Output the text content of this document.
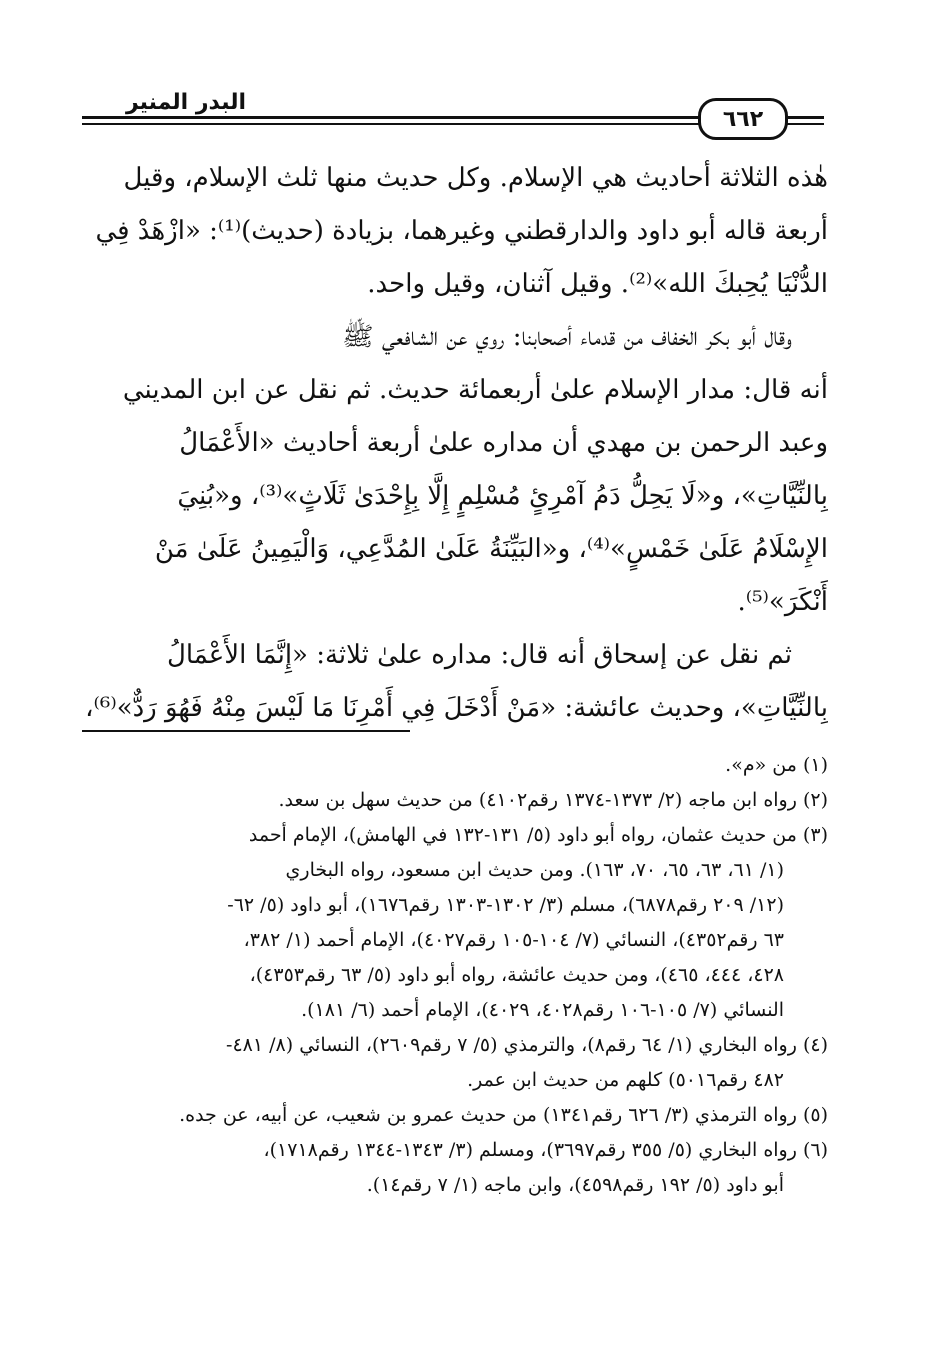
٦٦٢
البدر المنير
هٰذه الثلاثة أحاديث هي الإسلام. وكل حديث منها ثلث الإسلام، وقيل
أربعة قاله أبو داود والدارقطني وغيرهما، بزيادة (حديث)⁽¹⁾: «ازْهَدْ فِي
الدُّنْيَا يُحِبكَ الله»⁽²⁾. وقيل آثنان، وقيل واحد.
وقال أبو بكر الخفاف من قدماء أصحابنا: روي عن الشافعي ﷺ
أنه قال: مدار الإسلام علىٰ أربعمائة حديث. ثم نقل عن ابن المديني
وعبد الرحمن بن مهدي أن مداره علىٰ أربعة أحاديث «الأَعْمَالُ
بِالنِّيَّاتِ»، و«لَا يَحِلُّ دَمُ آمْرِئٍ مُسْلِمٍ إِلَّا بِإِحْدَىٰ ثَلَاثٍ»⁽³⁾، و«بُنِيَ
الإِسْلَامُ عَلَىٰ خَمْسٍ»⁽⁴⁾، و«البَيِّنَةُ عَلَىٰ المُدَّعِي، وَالْيَمِينُ عَلَىٰ مَنْ
أَنْكَرَ»⁽⁵⁾.
ثم نقل عن إسحاق أنه قال: مداره علىٰ ثلاثة: «إِنَّمَا الأَعْمَالُ
بِالنِّيَّاتِ»، وحديث عائشة: «مَنْ أَدْخَلَ فِي أَمْرِنَا مَا لَيْسَ مِنْهُ فَهُوَ رَدٌّ»⁽⁶⁾،
(١) من «م».
(٢) رواه ابن ماجه (٢/ ١٣٧٣-١٣٧٤ رقم٤١٠٢) من حديث سهل بن سعد.
(٣) من حديث عثمان، رواه أبو داود (٥/ ١٣١-١٣٢ في الهامش)، الإمام أحمد
(١/ ٦١، ٦٣، ٦٥، ٧٠، ١٦٣). ومن حديث ابن مسعود، رواه البخاري
(١٢/ ٢٠٩ رقم٦٨٧٨)، مسلم (٣/ ١٣٠٢-١٣٠٣ رقم١٦٧٦)، أبو داود (٥/ ٦٢-
٦٣ رقم٤٣٥٢)، النسائي (٧/ ١٠٤-١٠٥ رقم٤٠٢٧)، الإمام أحمد (١/ ٣٨٢،
٤٢٨، ٤٤٤، ٤٦٥)، ومن حديث عائشة، رواه أبو داود (٥/ ٦٣ رقم٤٣٥٣)،
النسائي (٧/ ١٠٥-١٠٦ رقم٤٠٢٨، ٤٠٢٩)، الإمام أحمد (٦/ ١٨١).
(٤) رواه البخاري (١/ ٦٤ رقم٨)، والترمذي (٥/ ٧ رقم٢٦٠٩)، النسائي (٨/ ٤٨١-
٤٨٢ رقم٥٠١٦) كلهم من حديث ابن عمر.
(٥) رواه الترمذي (٣/ ٦٢٦ رقم١٣٤١) من حديث عمرو بن شعيب، عن أبيه، عن جده.
(٦) رواه البخاري (٥/ ٣٥٥ رقم٣٦٩٧)، ومسلم (٣/ ١٣٤٣-١٣٤٤ رقم١٧١٨)،
أبو داود (٥/ ١٩٢ رقم٤٥٩٨)، وابن ماجه (١/ ٧ رقم١٤).
